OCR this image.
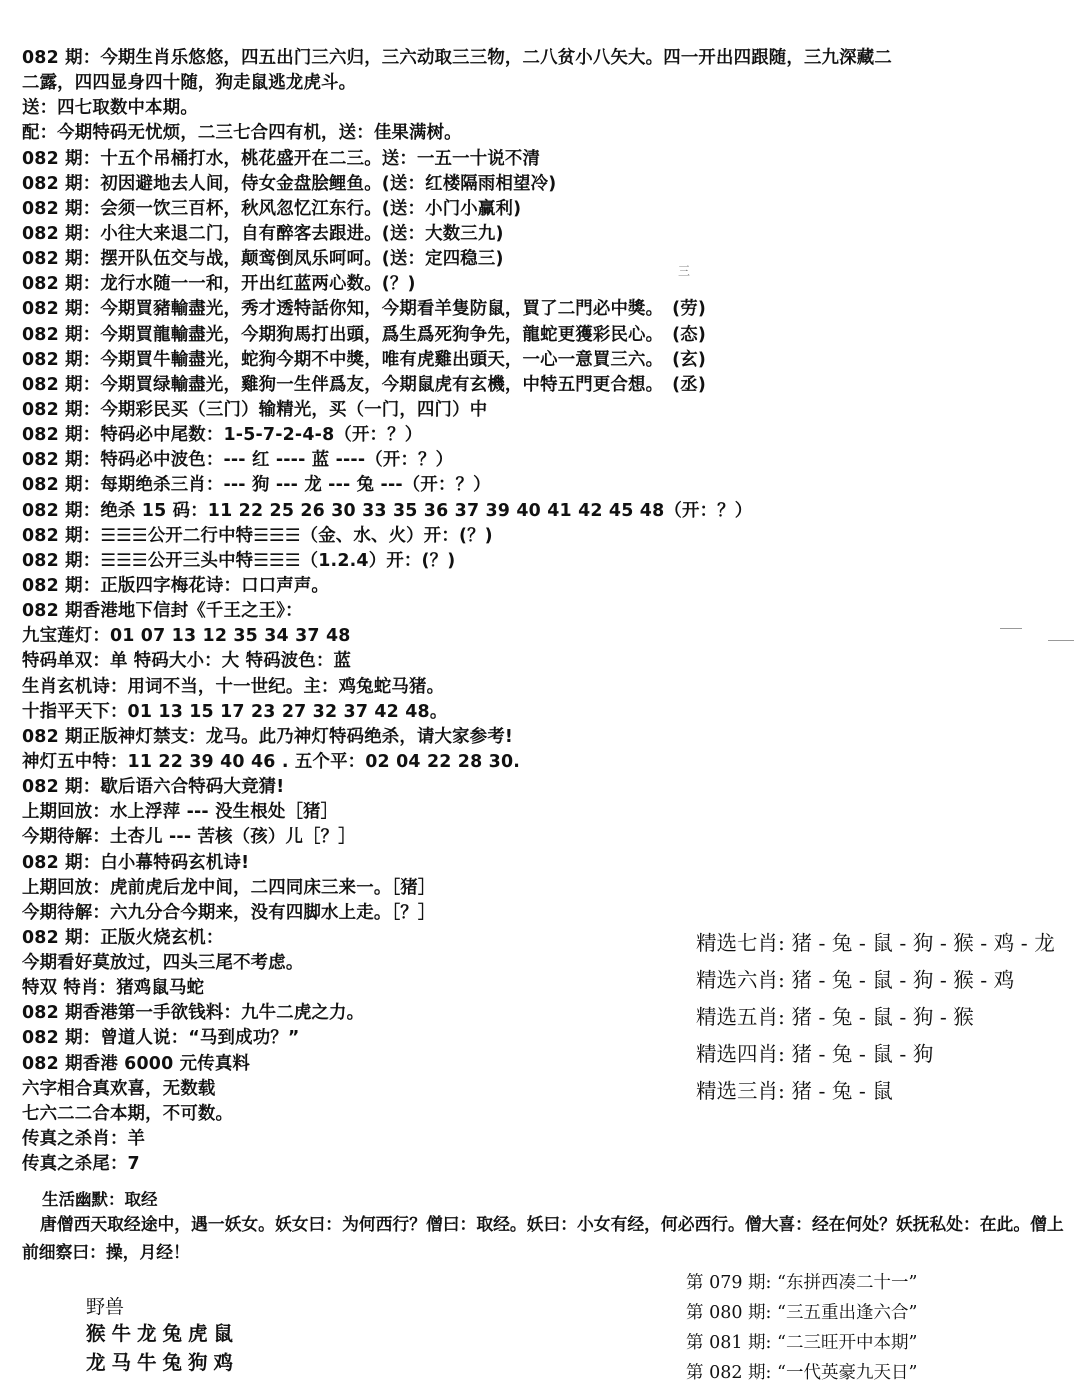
082 期：今期生肖乐悠悠，四五出门三六归，三六动取三三物，二八贫小八矢大。四一开出四跟随，三九深藏二
二露，四四显身四十随，狗走鼠逃龙虎斗。
送：四七取数中本期。
配：今期特码无忧烦，二三七合四有机，送：佳果满树。
082 期：十五个吊桶打水，桃花盛开在二三。送：一五一十说不清
082 期：初因避地去人间，侍女金盘脍鲤鱼。(送：红楼隔雨相望冷)
082 期：会须一饮三百杯，秋风忽忆江东行。(送：小门小赢利)
082 期：小往大来退二门，自有醉客去跟进。(送：大数三九)
082 期：摆开队伍交与战，颠鸾倒凤乐呵呵。(送：定四稳三)
082 期：龙行水随一一和，开出红蓝两心数。(？)
082 期：今期買豬輸盡光，秀才透特話你知，今期看羊隻防鼠，買了二門必中獎。　(劳)
082 期：今期買龍輸盡光，今期狗馬打出頭，爲生爲死狗争先，龍蛇更獲彩民心。　(态)
082 期：今期買牛輸盡光，蛇狗今期不中獎，唯有虎雞出頭天，一心一意買三六。　(玄)
082 期：今期買绿輸盡光，雞狗一生伴爲友，今期鼠虎有玄機，中特五門更合想。　(丞)
082 期：今期彩民买（三门）输精光，买（一门，四门）中
082 期：特码必中尾数：1-5-7-2-4-8（开：？）
082 期：特码必中波色：--- 红 ---- 蓝 ----（开：？）
082 期：每期绝杀三肖：--- 狗 --- 龙 --- 兔 ---（开：？）
082 期：绝杀 15 码：11 22 25 26 30 33 35 36 37 39 40 41 42 45 48（开：？）
082 期：☰☰☰公开二行中特☰☰☰（金、水、火）开：(？)
082 期：☰☰☰公开三头中特☰☰☰（1.2.4）开：(？)
082 期：正版四字梅花诗：口口声声。
082 期香港地下信封《千王之王》：
九宝莲灯：01 07 13 12 35 34 37 48
特码单双：单 特码大小：大 特码波色：蓝
生肖玄机诗：用词不当，十一世纪。主：鸡兔蛇马猪。
十指平天下：01 13 15 17 23 27 32 37 42 48。
082 期正版神灯禁支：龙马。此乃神灯特码绝杀，请大家参考!
神灯五中特：11 22 39 40 46 . 五个平：02 04 22 28 30.
082 期：歇后语六合特码大竞猜!
上期回放：水上浮萍 --- 没生根处［猪］
今期待解：土杏儿 --- 苦核（孩）儿［？］
082 期：白小幕特码玄机诗!
上期回放：虎前虎后龙中间，二四同床三来一。［猪］
今期待解：六九分合今期来，没有四脚水上走。［？］
082 期：正版火烧玄机：
今期看好莫放过，四头三尾不考虑。
特双 特肖：猪鸡鼠马蛇
082 期香港第一手欲钱料：九牛二虎之力。
082 期：曾道人说：“马到成功？”
082 期香港 6000 元传真料
六字相合真欢喜，无数载
七六二二合本期，不可数。
传真之杀肖：羊
传真之杀尾：7
三
精选七肖: 猪 - 兔 - 鼠 - 狗 - 猴 - 鸡 - 龙
精选六肖: 猪 - 兔 - 鼠 - 狗 - 猴 - 鸡
精选五肖: 猪 - 兔 - 鼠 - 狗 - 猴
精选四肖: 猪 - 兔 - 鼠 - 狗
精选三肖: 猪 - 兔 - 鼠
生活幽默：取经
唐僧西天取经途中，遇一妖女。妖女曰：为何西行？僧曰：取经。妖曰：小女有经，何必西行。僧大喜：经在何处？妖抚私处：在此。僧上前细察曰：操，月经！
野兽
猴牛龙兔虎鼠
龙马牛兔狗鸡
第 079 期: “东拼西凑二十一”
第 080 期: “三五重出逢六合”
第 081 期: “二三旺开中本期”
第 082 期: “一代英豪九天日”
